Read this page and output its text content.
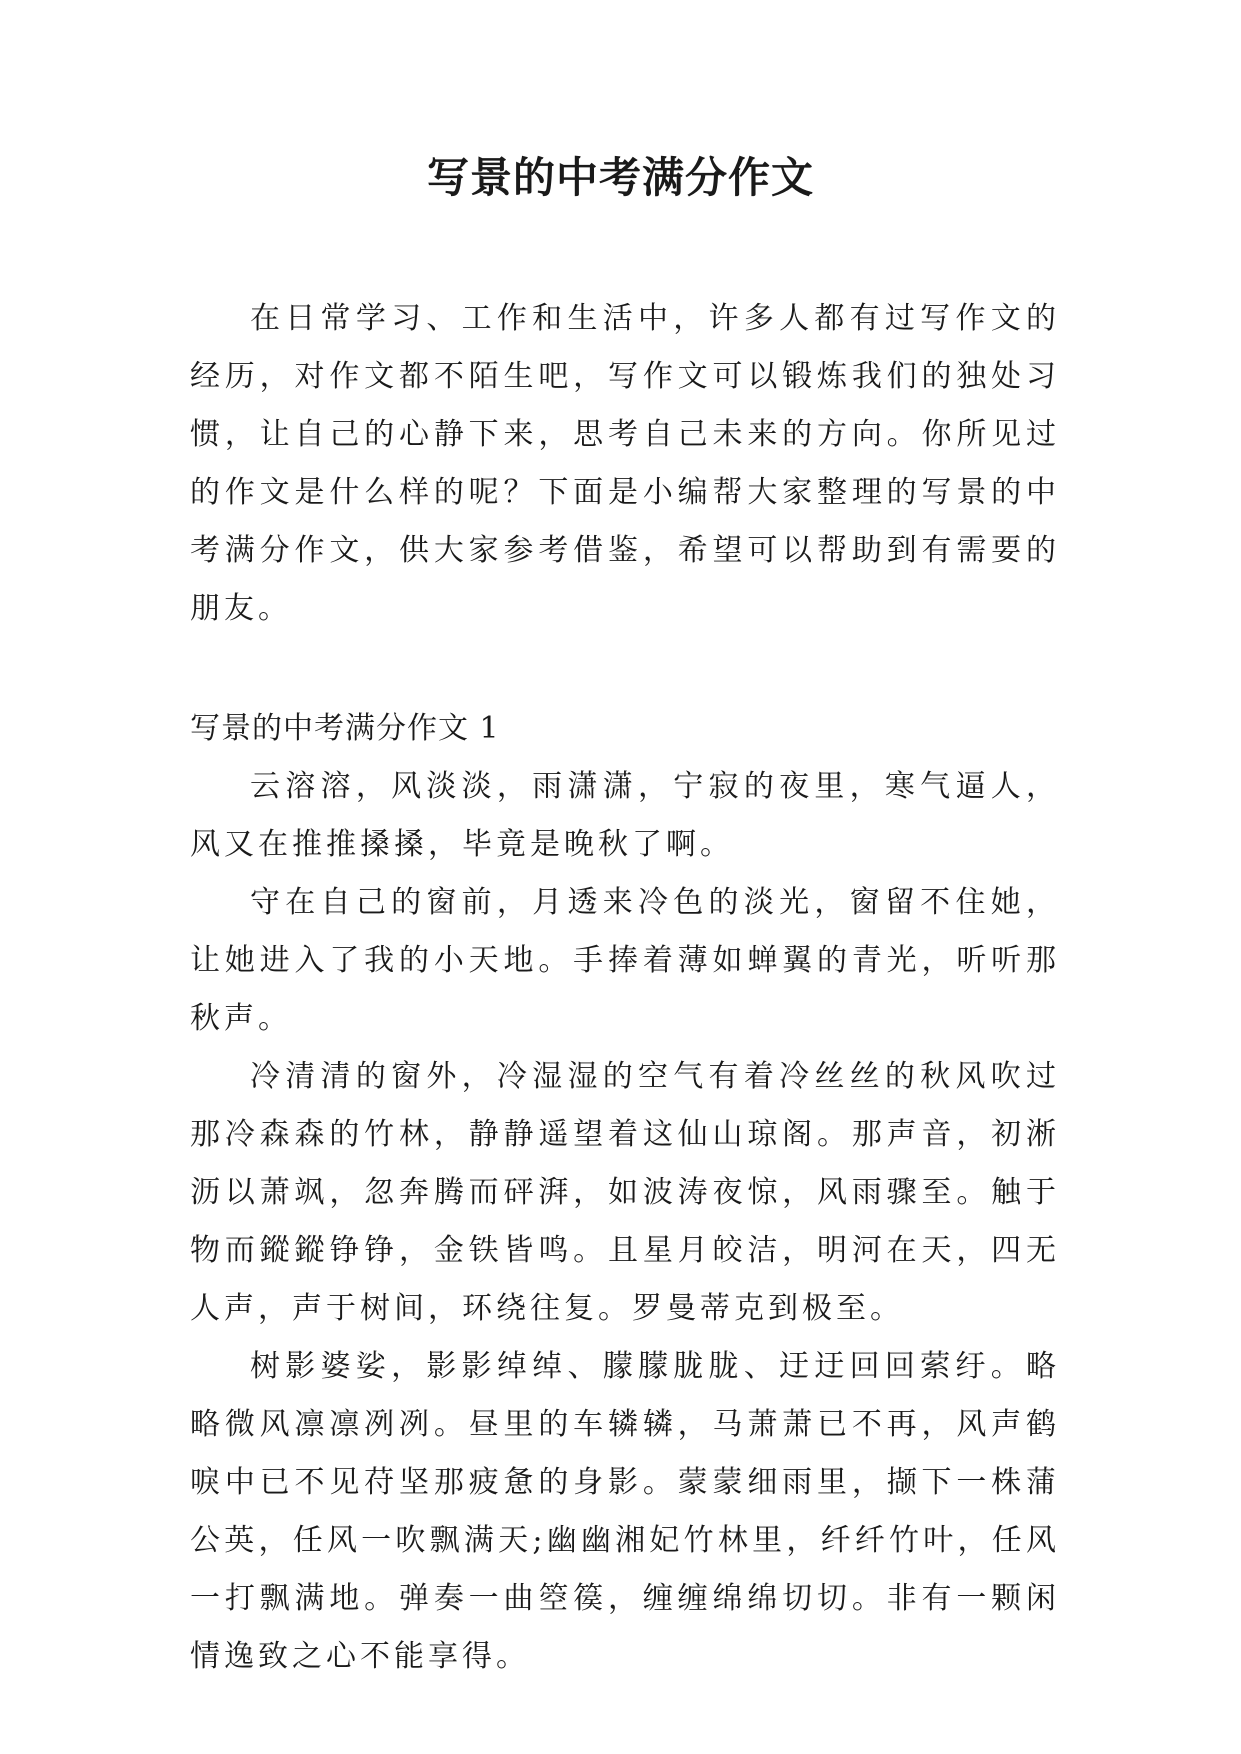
写景的中考满分作文

在日常学习、工作和生活中，许多人都有过写作文的经历，对作文都不陌生吧，写作文可以锻炼我们的独处习惯，让自己的心静下来，思考自己未来的方向。你所见过的作文是什么样的呢？下面是小编帮大家整理的写景的中考满分作文，供大家参考借鉴，希望可以帮助到有需要的朋友。

写景的中考满分作文 1

云溶溶，风淡淡，雨潇潇，宁寂的夜里，寒气逼人，风又在推推搡搡，毕竟是晚秋了啊。

守在自己的窗前，月透来冷色的淡光，窗留不住她，让她进入了我的小天地。手捧着薄如蝉翼的青光，听听那秋声。

冷清清的窗外，冷湿湿的空气有着冷丝丝的秋风吹过那冷森森的竹林，静静遥望着这仙山琼阁。那声音，初淅沥以萧飒，忽奔腾而砰湃，如波涛夜惊，风雨骤至。触于物而鏦鏦铮铮，金铁皆鸣。且星月皎洁，明河在天，四无人声，声于树间，环绕往复。罗曼蒂克到极至。

树影婆娑，影影绰绰、朦朦胧胧、迂迂回回萦纡。略略微风凛凛冽冽。昼里的车辚辚，马萧萧已不再，风声鹤唳中已不见苻坚那疲惫的身影。蒙蒙细雨里，撷下一株蒲公英，任风一吹飘满天;幽幽湘妃竹林里，纤纤竹叶，任风一打飘满地。弹奏一曲箜篌，缠缠绵绵切切。非有一颗闲情逸致之心不能享得。
